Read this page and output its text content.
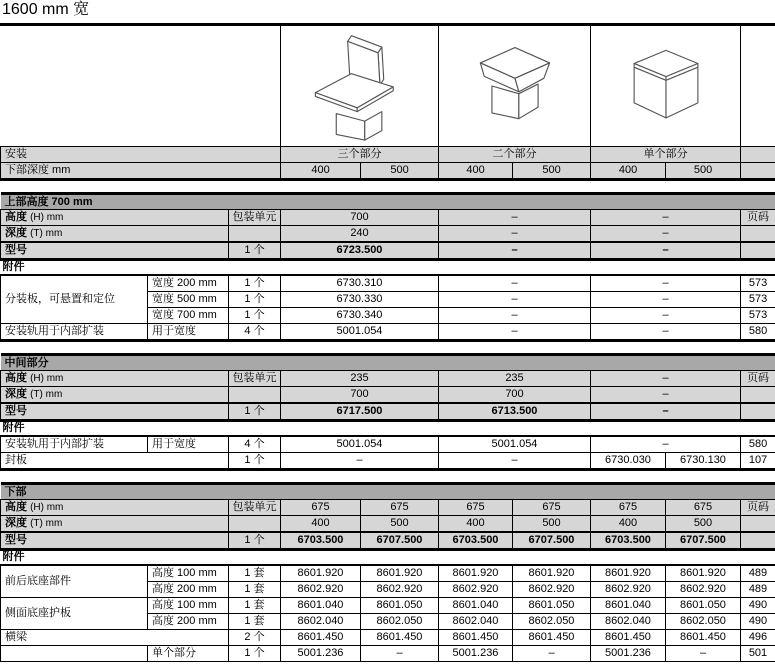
1600 mm 宽

安装	三个部分		二个部分		单个部分		
下部深度 mm	400	500	400	500	400	500	
上部高度 700 mm						
高度 (H) mm		包装单元	700	–	–	页码
深度 (T) mm			240	–	–	
型号		1 个	6723.500	–	–	
附件						
分装板，可悬置和定位	宽度 200 mm	1 个	6730.310	–	–	573
	宽度 500 mm	1 个	6730.330	–	–	573
	宽度 700 mm	1 个	6730.340	–	–	573
安装轨用于内部扩装	用于宽度	4 个	5001.054	–	–	580
中间部分							
高度 (H) mm		包装单元	235	235	–		页码
深度 (T) mm			700	700	–		
型号		1 个	6717.500	6713.500	–		
附件							
安装轨用于内部扩装	用于宽度	4 个	5001.054	5001.054	–		580
封板		1 个	–	–	6730.030	6730.130	107
下部									
高度 (H) mm		包装单元	675	675	675	675	675	675	页码
深度 (T) mm			400	500	400	500	400	500	
型号		1 个	6703.500	6707.500	6703.500	6707.500	6703.500	6707.500	
附件									
前后底座部件	高度 100 mm	1 套	8601.920	8601.920	8601.920	8601.920	8601.920	8601.920	489
	高度 200 mm	1 套	8602.920	8602.920	8602.920	8602.920	8602.920	8602.920	489
侧面底座护板	高度 100 mm	1 套	8601.040	8601.050	8601.040	8601.050	8601.040	8601.050	490
	高度 200 mm	1 套	8602.040	8602.050	8602.040	8602.050	8602.040	8602.050	490
横梁		2 个	8601.450	8601.450	8601.450	8601.450	8601.450	8601.450	496
	单个部分	1 个	5001.236	–	5001.236	–	5001.236	–	501
